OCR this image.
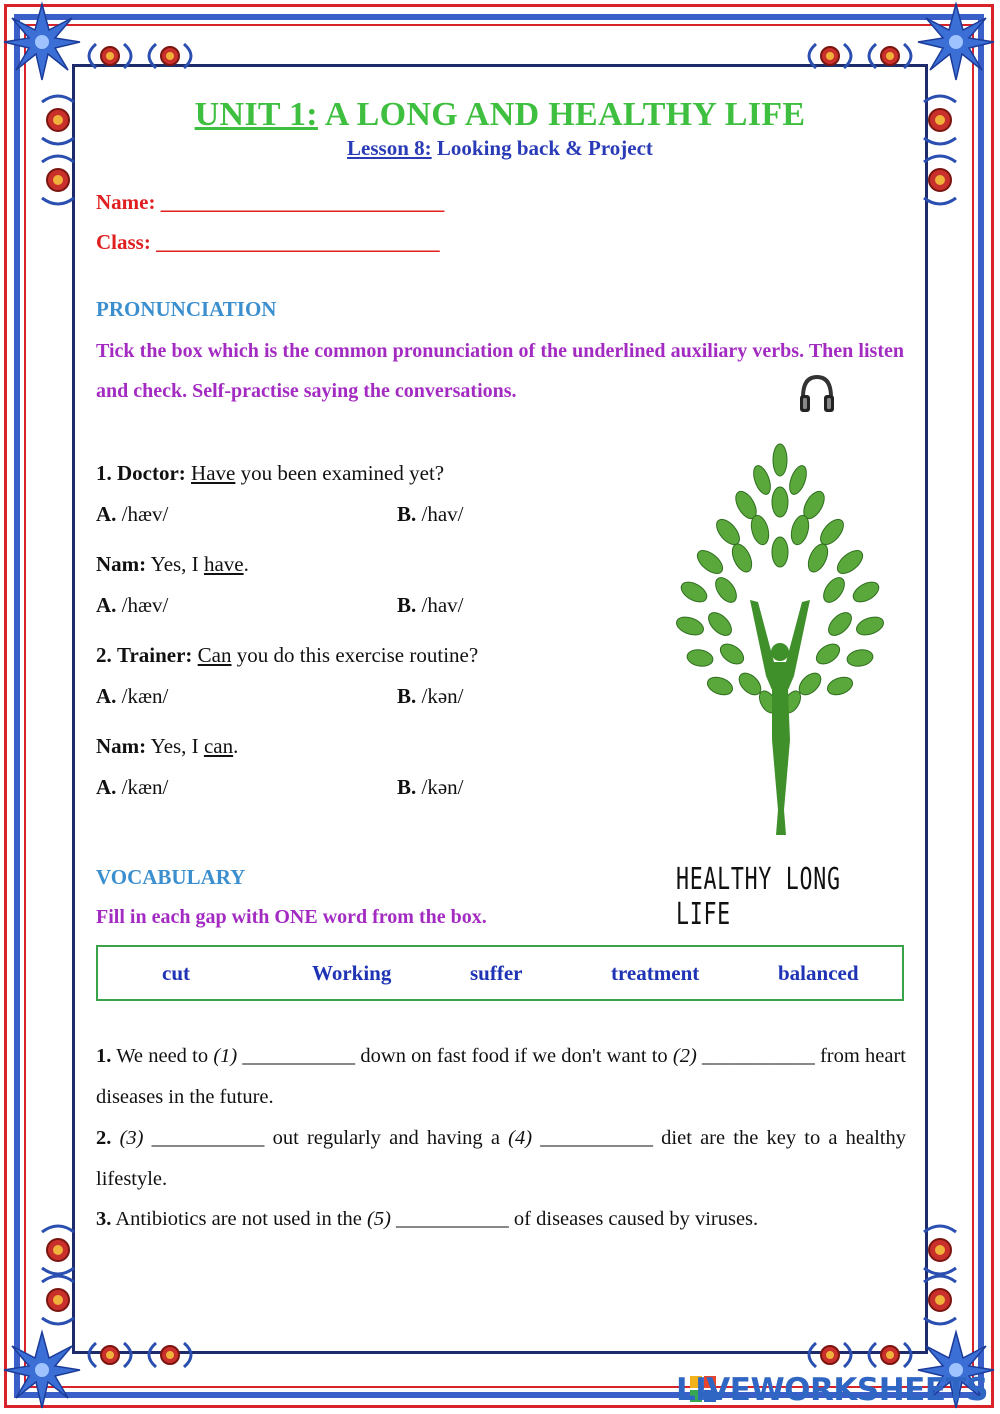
UNIT 1: A LONG AND HEALTHY LIFE
Lesson 8: Looking back & Project
Name: ___________________________
Class: ___________________________
PRONUNCIATION
Tick the box which is the common pronunciation of the underlined auxiliary verbs. Then listen and check. Self-practise saying the conversations.
1. Doctor: Have you been examined yet?
A. /hæv/	B. /hav/
Nam: Yes, I have.
A. /hæv/	B. /hav/
2. Trainer: Can you do this exercise routine?
A. /kæn/	B. /kən/
Nam: Yes, I can.
A. /kæn/	B. /kən/
HEALTHY LONG LIFE
VOCABULARY
Fill in each gap with ONE word from the box.
cut	Working	suffer	treatment	balanced
1. We need to (1) ___________ down on fast food if we don't want to (2) ___________ from heart diseases in the future.
2. (3) ___________ out regularly and having a (4) ___________ diet are the key to a healthy lifestyle.
3. Antibiotics are not used in the (5) ___________ of diseases caused by viruses.
LIVEWORKSHEETS
